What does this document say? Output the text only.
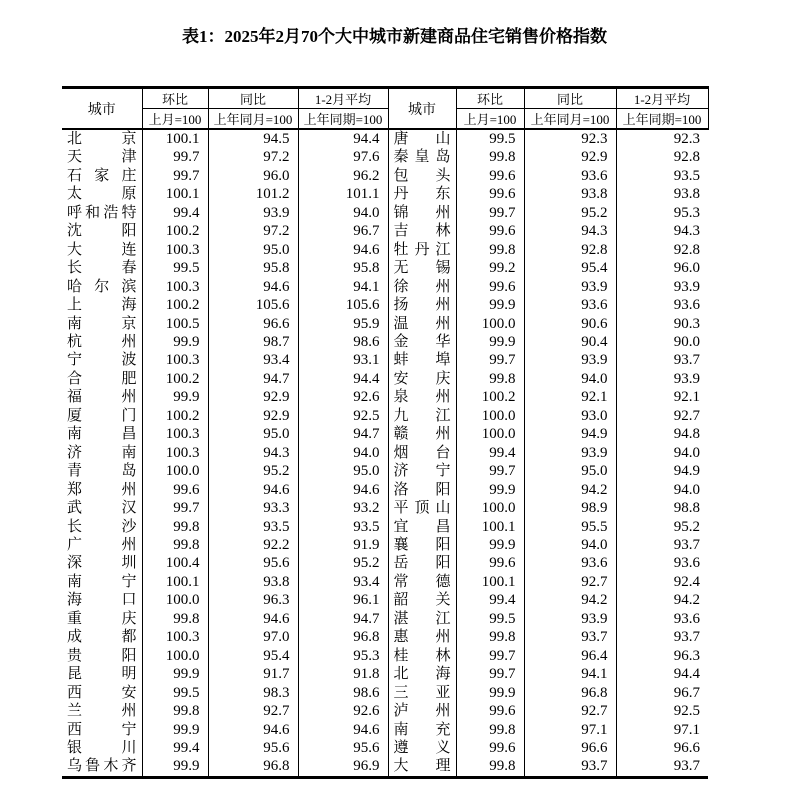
表1：2025年2月70个大中城市新建商品住宅销售价格指数
城市	环比	同比	1-2月平均	城市	环比	同比	1-2月平均
	上月=100	上年同月=100	上年同期=100		上月=100	上年同月=100	上年同期=100

北 京	100.1	94.5	94.4	唐 山	99.5	92.3	92.3

天 津	99.7	97.2	97.6	秦 皇 岛	99.8	92.9	92.8

石 家 庄	99.7	96.0	96.2	包 头	99.6	93.6	93.5

太 原	100.1	101.2	101.1	丹 东	99.6	93.8	93.8

呼 和 浩 特	99.4	93.9	94.0	锦 州	99.7	95.2	95.3

沈 阳	100.2	97.2	96.7	吉 林	99.6	94.3	94.3

大 连	100.3	95.0	94.6	牡 丹 江	99.8	92.8	92.8

长 春	99.5	95.8	95.8	无 锡	99.2	95.4	96.0

哈 尔 滨	100.3	94.6	94.1	徐 州	99.6	93.9	93.9

上 海	100.2	105.6	105.6	扬 州	99.9	93.6	93.6

南 京	100.5	96.6	95.9	温 州	100.0	90.6	90.3

杭 州	99.9	98.7	98.6	金 华	99.9	90.4	90.0

宁 波	100.3	93.4	93.1	蚌 埠	99.7	93.9	93.7

合 肥	100.2	94.7	94.4	安 庆	99.8	94.0	93.9

福 州	99.9	92.9	92.6	泉 州	100.2	92.1	92.1

厦 门	100.2	92.9	92.5	九 江	100.0	93.0	92.7

南 昌	100.3	95.0	94.7	赣 州	100.0	94.9	94.8

济 南	100.3	94.3	94.0	烟 台	99.4	93.9	94.0

青 岛	100.0	95.2	95.0	济 宁	99.7	95.0	94.9

郑 州	99.6	94.6	94.6	洛 阳	99.9	94.2	94.0

武 汉	99.7	93.3	93.2	平 顶 山	100.0	98.9	98.8

长 沙	99.8	93.5	93.5	宜 昌	100.1	95.5	95.2

广 州	99.8	92.2	91.9	襄 阳	99.9	94.0	93.7

深 圳	100.4	95.6	95.2	岳 阳	99.6	93.6	93.6

南 宁	100.1	93.8	93.4	常 德	100.1	92.7	92.4

海 口	100.0	96.3	96.1	韶 关	99.4	94.2	94.2

重 庆	99.8	94.6	94.7	湛 江	99.5	93.9	93.6

成 都	100.3	97.0	96.8	惠 州	99.8	93.7	93.7

贵 阳	100.0	95.4	95.3	桂 林	99.7	96.4	96.3

昆 明	99.9	91.7	91.8	北 海	99.7	94.1	94.4

西 安	99.5	98.3	98.6	三 亚	99.9	96.8	96.7

兰 州	99.8	92.7	92.6	泸 州	99.6	92.7	92.5

西 宁	99.9	94.6	94.6	南 充	99.8	97.1	97.1

银 川	99.4	95.6	95.6	遵 义	99.6	96.6	96.6

乌 鲁 木 齐	99.9	96.8	96.9	大 理	99.8	93.7	93.7
